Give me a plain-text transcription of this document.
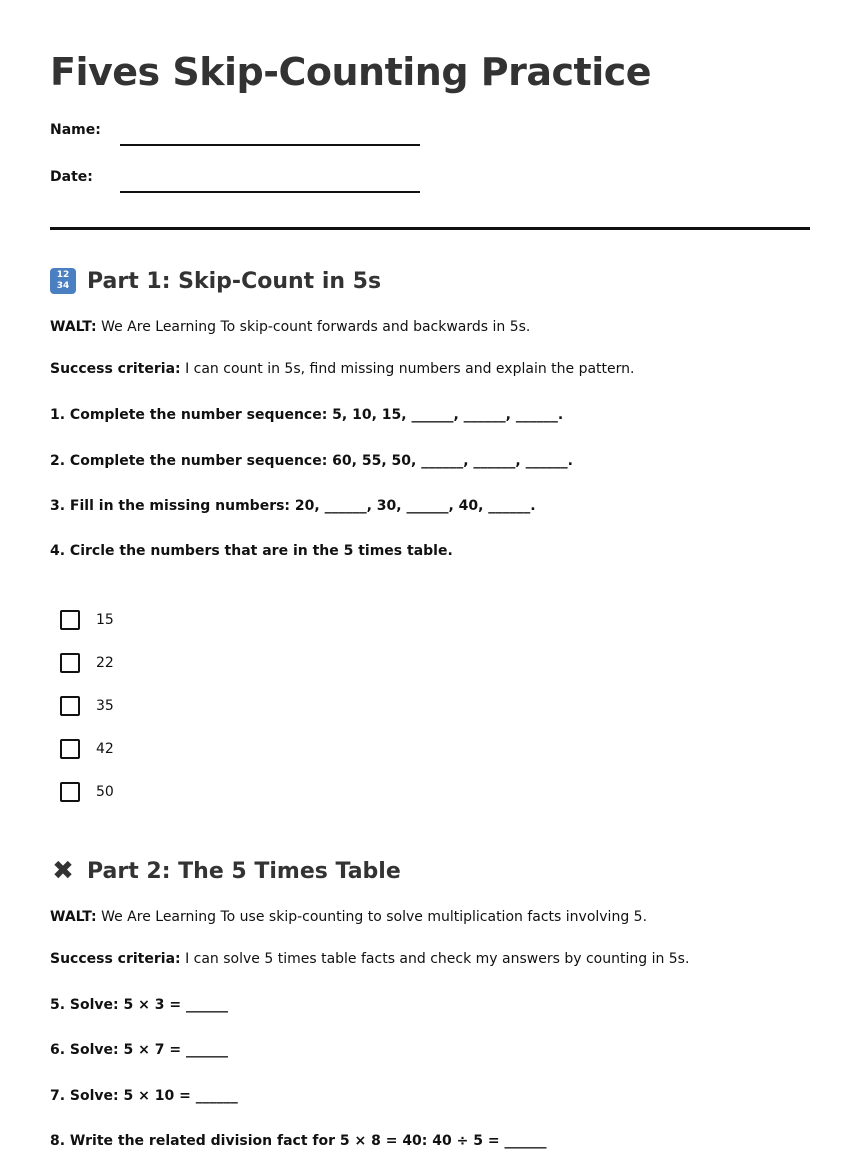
Fives Skip-Counting Practice
Name:
Date:
12
34 Part 1: Skip-Count in 5s

WALT: We Are Learning To skip-count forwards and backwards in 5s.

Success criteria: I can count in 5s, find missing numbers and explain the pattern.

1. Complete the number sequence: 5, 10, 15, ______, ______, ______.

2. Complete the number sequence: 60, 55, 50, ______, ______, ______.

3. Fill in the missing numbers: 20, ______, 30, ______, 40, ______.

4. Circle the numbers that are in the 5 times table.

15
22
35
42
50
✖ Part 2: The 5 Times Table

WALT: We Are Learning To use skip-counting to solve multiplication facts involving 5.

Success criteria: I can solve 5 times table facts and check my answers by counting in 5s.

5. Solve: 5 × 3 = ______

6. Solve: 5 × 7 = ______

7. Solve: 5 × 10 = ______

8. Write the related division fact for 5 × 8 = 40: 40 ÷ 5 = ______
